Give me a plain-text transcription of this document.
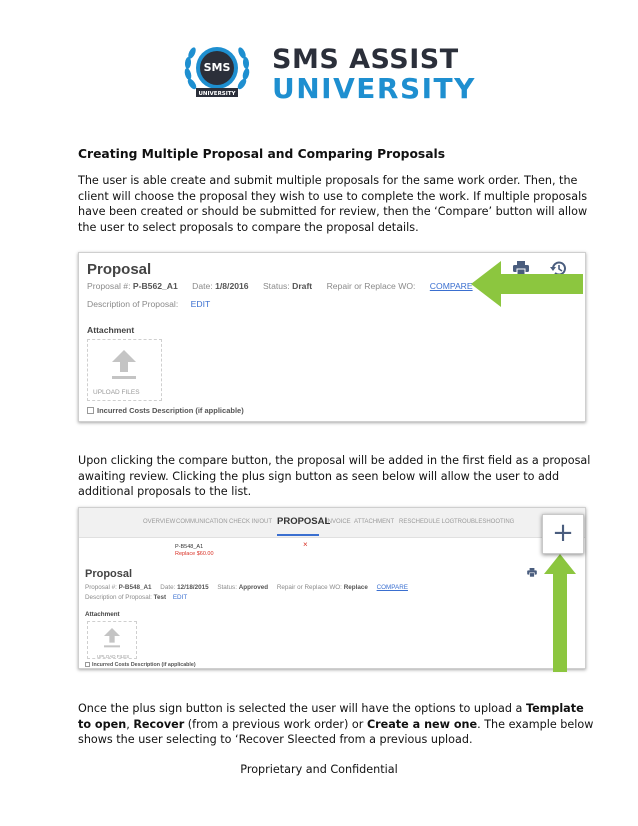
SMS
UNIVERSITY
SMS ASSIST
UNIVERSITY
Creating Multiple Proposal and Comparing Proposals

The user is able create and submit multiple proposals for the same work order. Then, the client will choose the proposal they wish to use to complete the work. If multiple proposals have been created or should be submitted for review, then the ‘Compare’ button will allow the user to select proposals to compare the proposal details.

Proposal
Proposal #: P-B562_A1 Date: 1/8/2016 Status: Draft Repair or Replace WO: COMPARE
Description of Proposal: EDIT
Attachment
UPLOAD FILES
Incurred Costs Description (if applicable)

Upon clicking the compare button, the proposal will be added in the first field as a proposal awaiting review. Clicking the plus sign button as seen below will allow the user to add additional proposals to the list.

OVERVIEW COMMUNICATION CHECK IN/OUT PROPOSAL
INVOICE ATTACHMENT RESCHEDULE LOG TROUBLESHOOTING
P-B548_A1
Replace $60.00
×
Proposal
Proposal #: P-B548_A1 Date: 12/18/2015 Status: Approved Repair or Replace WO: Replace COMPARE
Description of Proposal: Test EDIT
Attachment
UPLOAD FILES
Incurred Costs Description (if applicable)
+

Once the plus sign button is selected the user will have the options to upload a Template to open, Recover (from a previous work order) or Create a new one. The example below shows the user selecting to ‘Recover Sleected from a previous upload.

Proprietary and Confidential
